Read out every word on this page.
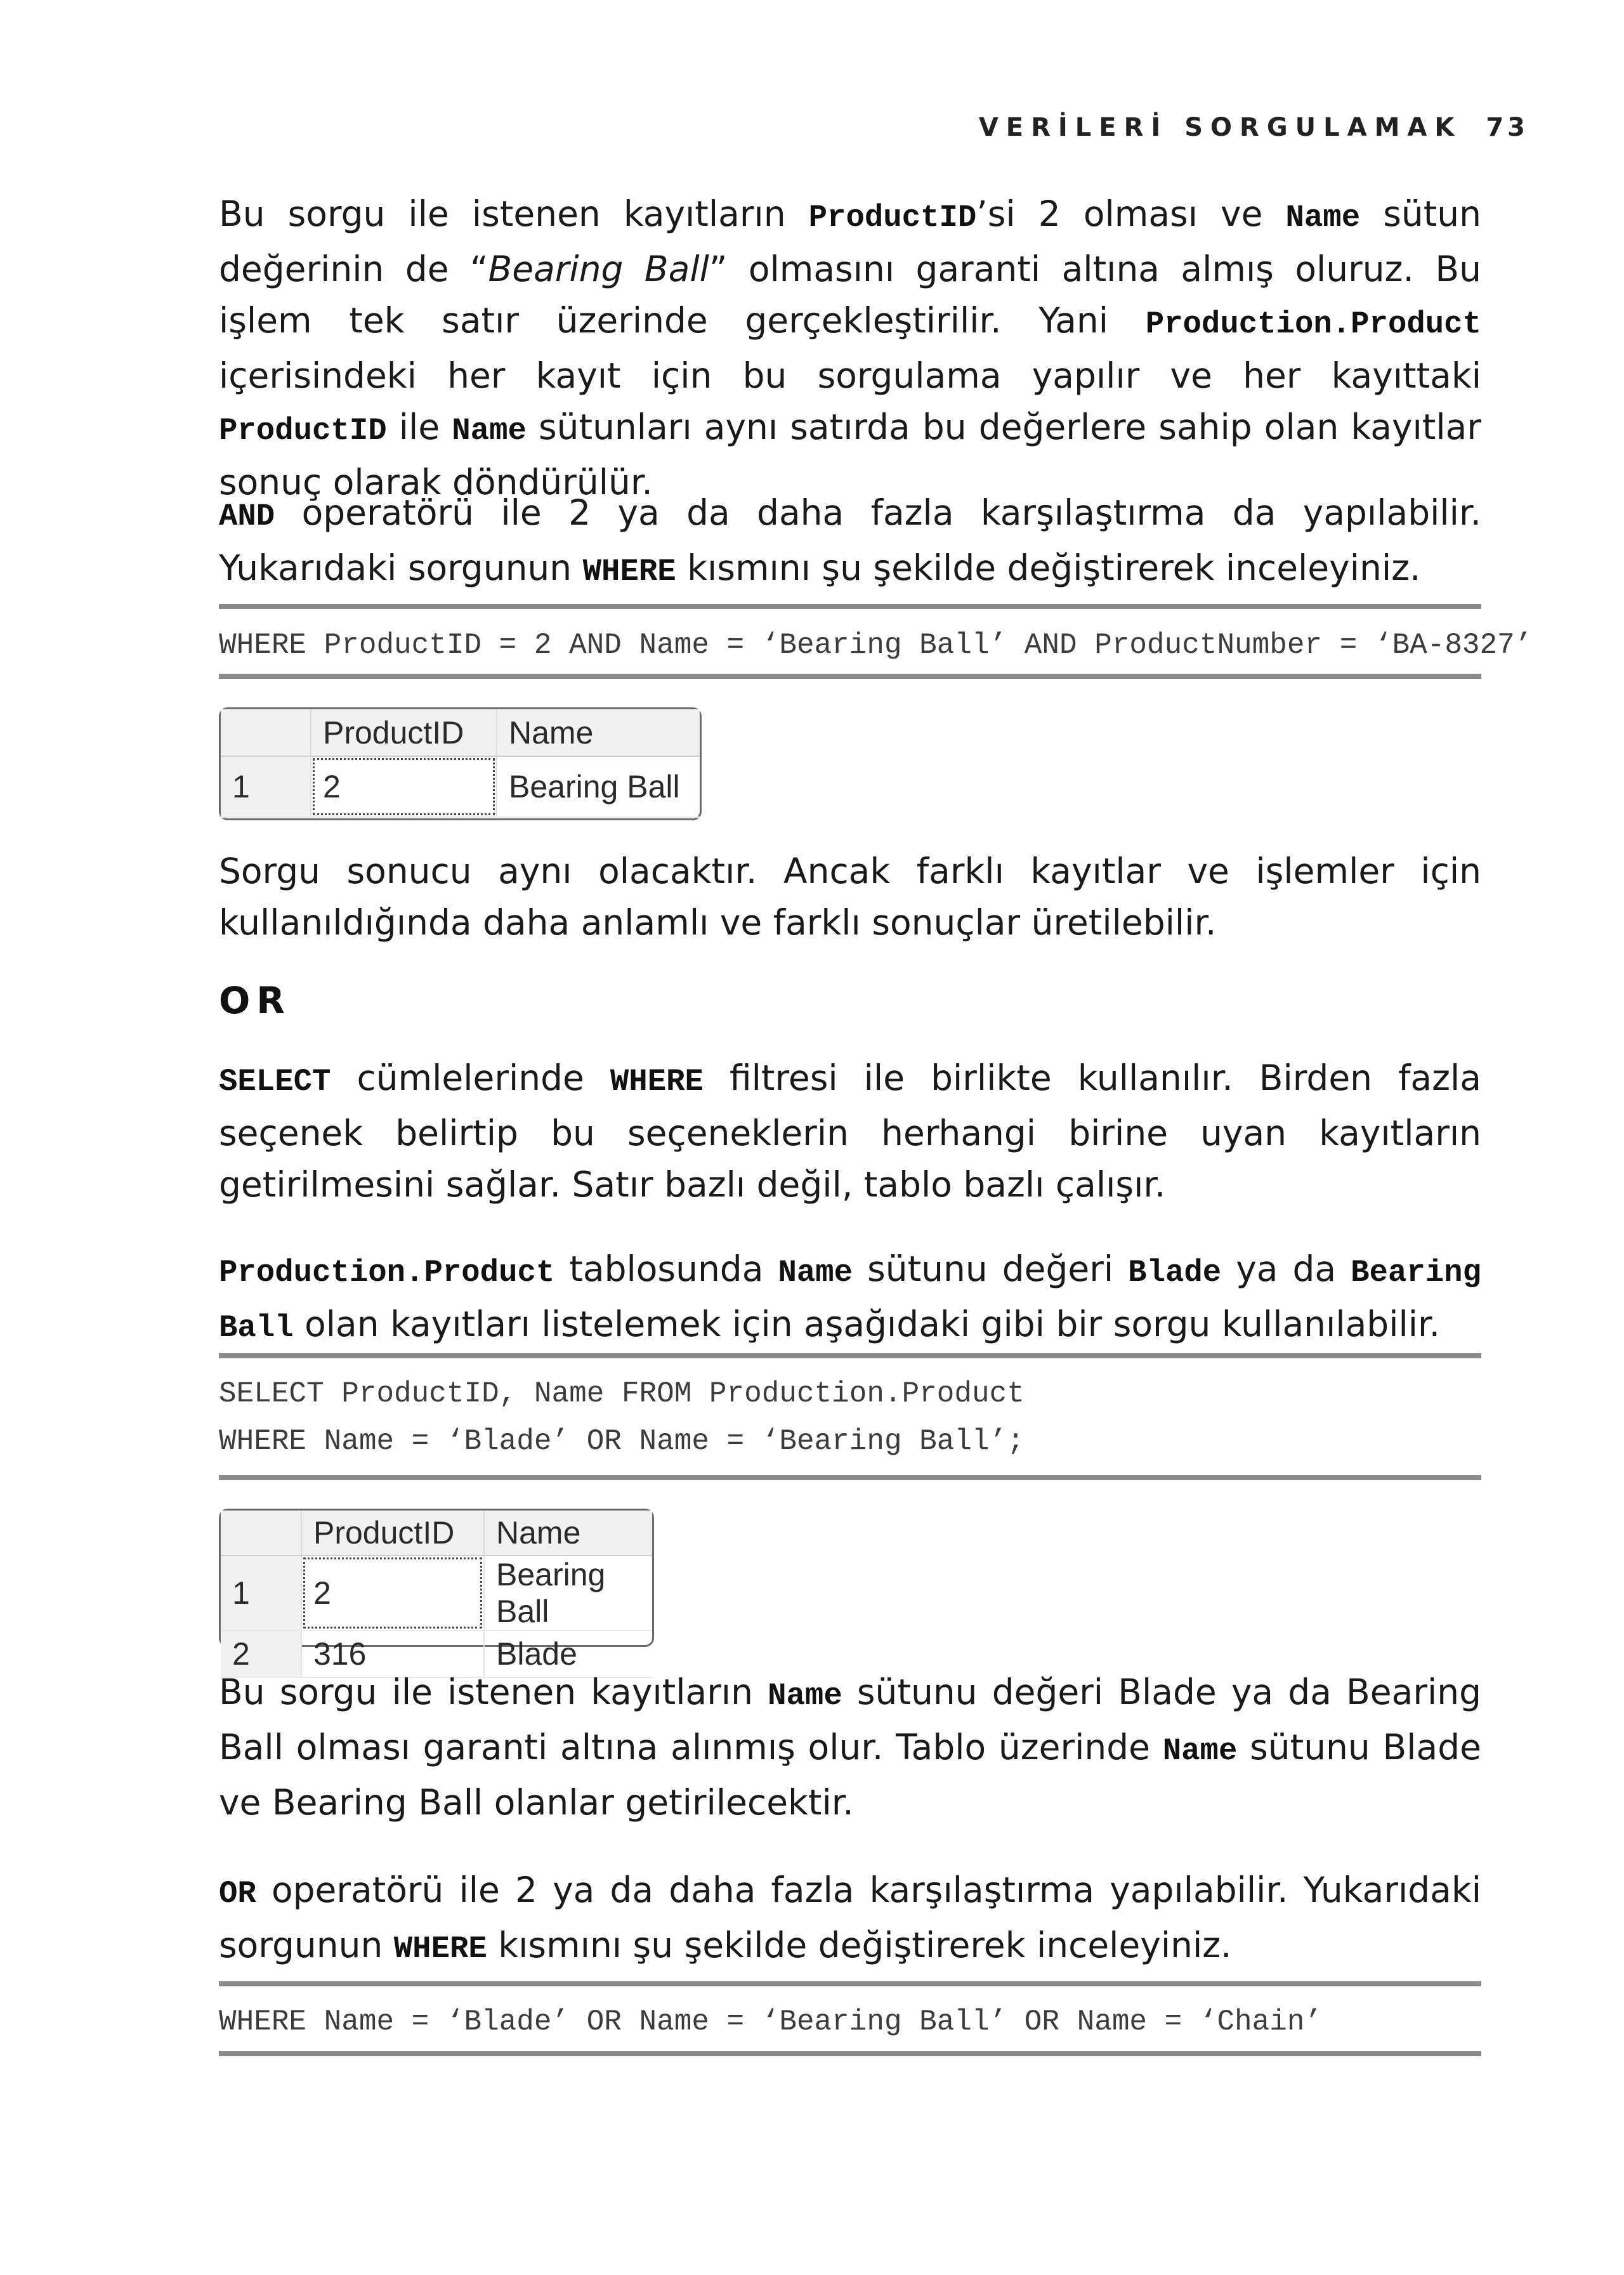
VERİLERİ SORGULAMAK 73
Bu sorgu ile istenen kayıtların ProductID’si 2 olması ve Name sütun değerinin de “Bearing Ball” olmasını garanti altına almış oluruz. Bu işlem tek satır üzerinde gerçekleştirilir. Yani Production.Product içerisindeki her kayıt için bu sorgulama yapılır ve her kayıttaki ProductID ile Name sütunları aynı satırda bu değerlere sahip olan kayıtlar sonuç olarak döndürülür.
AND operatörü ile 2 ya da daha fazla karşılaştırma da yapılabilir. Yukarıdaki sorgunun WHERE kısmını şu şekilde değiştirerek inceleyiniz.
WHERE ProductID = 2 AND Name = ‘Bearing Ball’ AND ProductNumber = ‘BA-8327’
	ProductID	Name
1	2	Bearing Ball
Sorgu sonucu aynı olacaktır. Ancak farklı kayıtlar ve işlemler için kullanıldığında daha anlamlı ve farklı sonuçlar üretilebilir.
OR
SELECT cümlelerinde WHERE filtresi ile birlikte kullanılır. Birden fazla seçenek belirtip bu seçeneklerin herhangi birine uyan kayıtların getirilmesini sağlar. Satır bazlı değil, tablo bazlı çalışır.
Production.Product tablosunda Name sütunu değeri Blade ya da Bearing Ball olan kayıtları listelemek için aşağıdaki gibi bir sorgu kullanılabilir.
SELECT ProductID, Name FROM Production.Product
WHERE Name = ‘Blade’ OR Name = ‘Bearing Ball’;
	ProductID	Name
1	2	Bearing Ball
2	316	Blade
Bu sorgu ile istenen kayıtların Name sütunu değeri Blade ya da Bearing Ball olması garanti altına alınmış olur. Tablo üzerinde Name sütunu Blade ve Bearing Ball olanlar getirilecektir.
OR operatörü ile 2 ya da daha fazla karşılaştırma yapılabilir. Yukarıdaki sorgunun WHERE kısmını şu şekilde değiştirerek inceleyiniz.
WHERE Name = ‘Blade’ OR Name = ‘Bearing Ball’ OR Name = ‘Chain’
